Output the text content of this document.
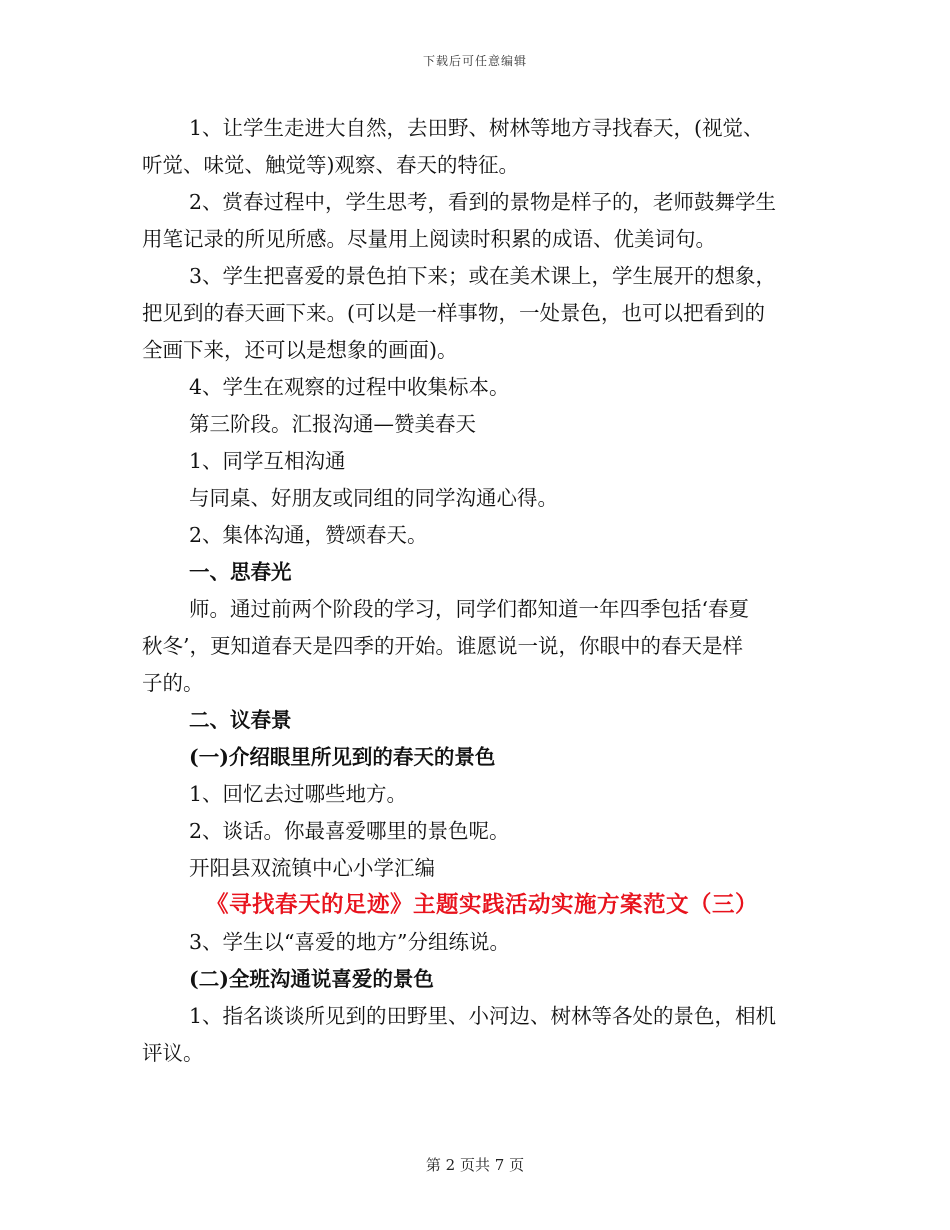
下载后可任意编辑

1、让学生走进大自然，去田野、树林等地方寻找春天，(视觉、

听觉、味觉、触觉等)观察、春天的特征。

2、赏春过程中，学生思考，看到的景物是样子的，老师鼓舞学生

用笔记录的所见所感。尽量用上阅读时积累的成语、优美词句。

3、学生把喜爱的景色拍下来；或在美术课上，学生展开的想象，

把见到的春天画下来。(可以是一样事物，一处景色，也可以把看到的

全画下来，还可以是想象的画面)。

4、学生在观察的过程中收集标本。

第三阶段。汇报沟通—赞美春天

1、同学互相沟通

与同桌、好朋友或同组的同学沟通心得。

2、集体沟通，赞颂春天。

一、思春光

师。通过前两个阶段的学习，同学们都知道一年四季包括‘春夏

秋冬’，更知道春天是四季的开始。谁愿说一说，你眼中的春天是样

子的。

二、议春景

(一)介绍眼里所见到的春天的景色

1、回忆去过哪些地方。

2、谈话。你最喜爱哪里的景色呢。

开阳县双流镇中心小学汇编

《寻找春天的足迹》主题实践活动实施方案范文（三）

3、学生以“喜爱的地方”分组练说。

(二)全班沟通说喜爱的景色

1、指名谈谈所见到的田野里、小河边、树林等各处的景色，相机

评议。

第 2 页共 7 页
